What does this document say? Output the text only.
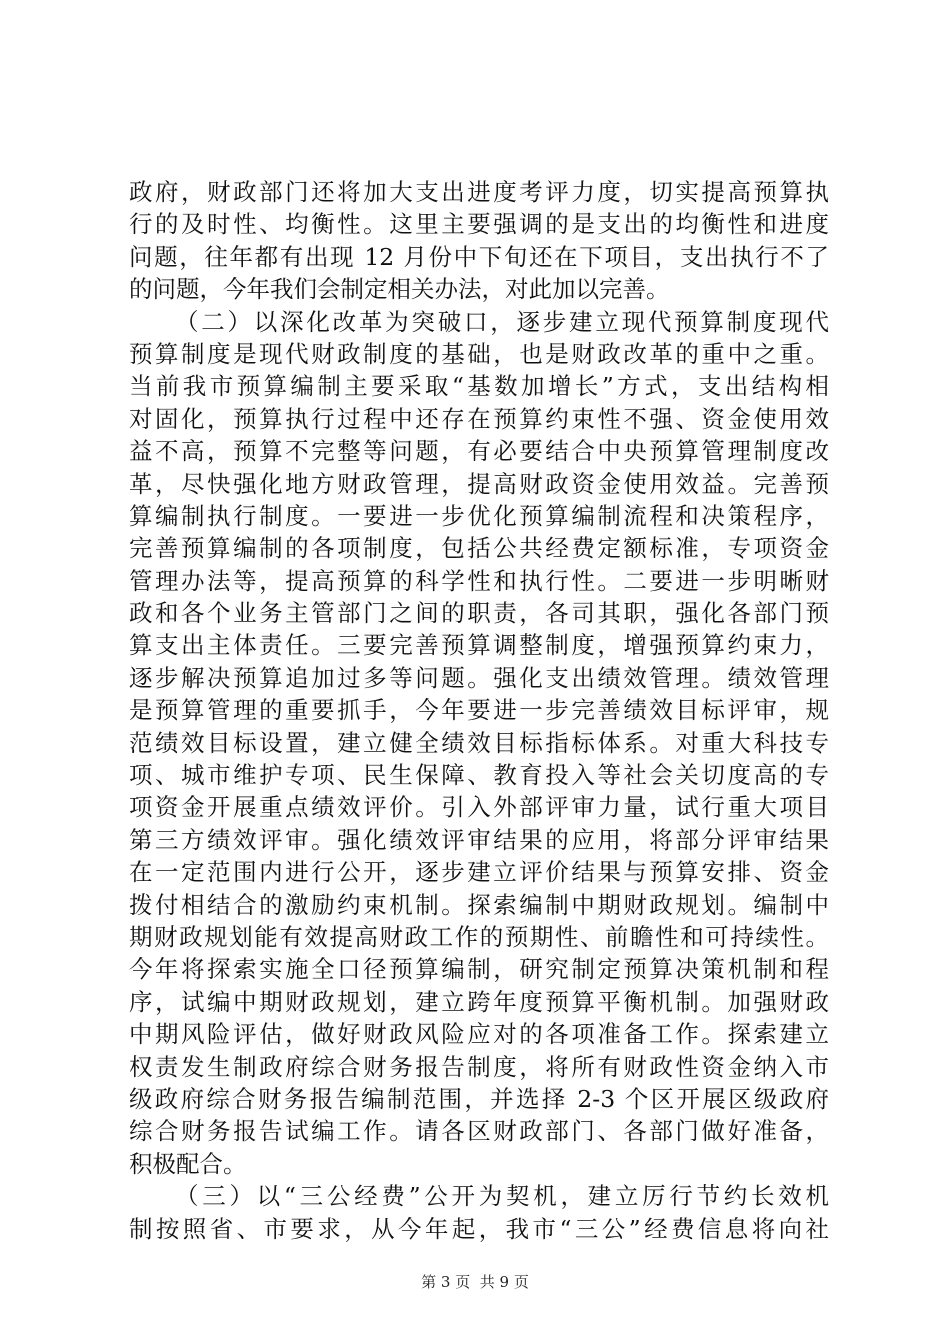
政府，财政部门还将加大支出进度考评力度，切实提高预算执
行的及时性、均衡性。这里主要强调的是支出的均衡性和进度
问题，往年都有出现 12 月份中下旬还在下项目，支出执行不了
的问题，今年我们会制定相关办法，对此加以完善。
（二）以深化改革为突破口，逐步建立现代预算制度现代
预算制度是现代财政制度的基础，也是财政改革的重中之重。
当前我市预算编制主要采取“基数加增长”方式，支出结构相
对固化，预算执行过程中还存在预算约束性不强、资金使用效
益不高，预算不完整等问题，有必要结合中央预算管理制度改
革，尽快强化地方财政管理，提高财政资金使用效益。完善预
算编制执行制度。一要进一步优化预算编制流程和决策程序，
完善预算编制的各项制度，包括公共经费定额标准，专项资金
管理办法等，提高预算的科学性和执行性。二要进一步明晰财
政和各个业务主管部门之间的职责，各司其职，强化各部门预
算支出主体责任。三要完善预算调整制度，增强预算约束力，
逐步解决预算追加过多等问题。强化支出绩效管理。绩效管理
是预算管理的重要抓手，今年要进一步完善绩效目标评审，规
范绩效目标设置，建立健全绩效目标指标体系。对重大科技专
项、城市维护专项、民生保障、教育投入等社会关切度高的专
项资金开展重点绩效评价。引入外部评审力量，试行重大项目
第三方绩效评审。强化绩效评审结果的应用，将部分评审结果
在一定范围内进行公开，逐步建立评价结果与预算安排、资金
拨付相结合的激励约束机制。探索编制中期财政规划。编制中
期财政规划能有效提高财政工作的预期性、前瞻性和可持续性。
今年将探索实施全口径预算编制，研究制定预算决策机制和程
序，试编中期财政规划，建立跨年度预算平衡机制。加强财政
中期风险评估，做好财政风险应对的各项准备工作。探索建立
权责发生制政府综合财务报告制度，将所有财政性资金纳入市
级政府综合财务报告编制范围，并选择 2-3 个区开展区级政府
综合财务报告试编工作。请各区财政部门、各部门做好准备，
积极配合。
（三）以“三公经费”公开为契机，建立厉行节约长效机
制按照省、市要求，从今年起，我市“三公”经费信息将向社
第 3 页  共 9 页
